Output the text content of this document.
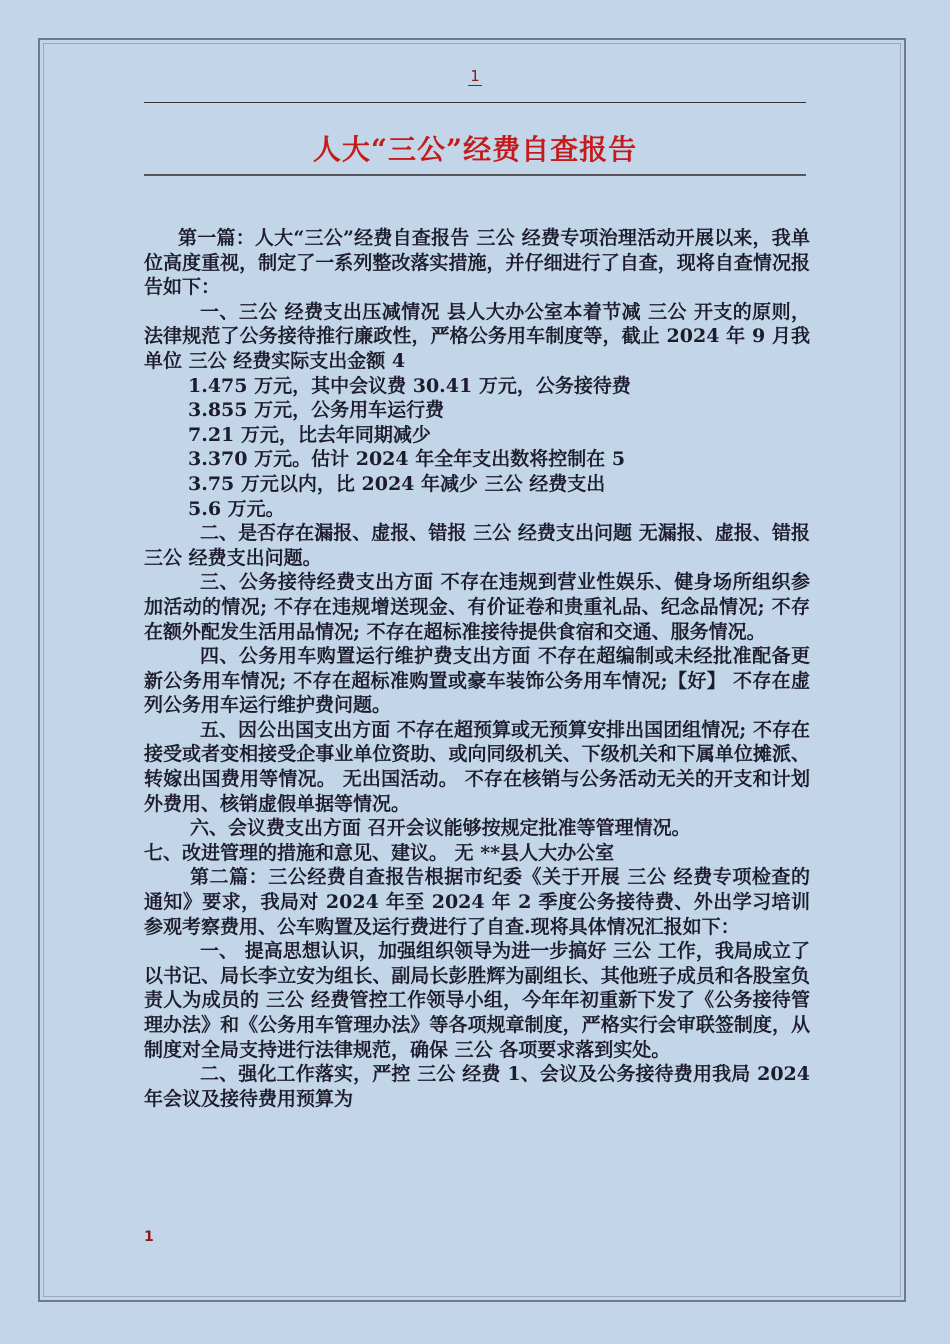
1
人大“三公”经费自查报告

第一篇：人大“三公”经费自查报告 三公 经费专项治理活动开展以来，我单位高度重视，制定了一系列整改落实措施，并仔细进行了自查，现将自查情况报告如下：

一、三公 经费支出压减情况 县人大办公室本着节减 三公 开支的原则，法律规范了公务接待推行廉政性，严格公务用车制度等，截止 2024 年 9 月我单位 三公 经费实际支出金额 4

1.475 万元，其中会议费 30.41 万元，公务接待费

3.855 万元，公务用车运行费

7.21 万元，比去年同期减少

3.370 万元。估计 2024 年全年支出数将控制在 5

3.75 万元以内，比 2024 年减少 三公 经费支出

5.6 万元。

二、是否存在漏报、虚报、错报 三公 经费支出问题 无漏报、虚报、错报 三公 经费支出问题。

三、公务接待经费支出方面 不存在违规到营业性娱乐、健身场所组织参加活动的情况; 不存在违规增送现金、有价证卷和贵重礼品、纪念品情况; 不存在额外配发生活用品情况; 不存在超标准接待提供食宿和交通、服务情况。

四、公务用车购置运行维护费支出方面 不存在超编制或未经批准配备更新公务用车情况; 不存在超标准购置或豪车装饰公务用车情况;【好】 不存在虚列公务用车运行维护费问题。

五、因公出国支出方面 不存在超预算或无预算安排出国团组情况; 不存在接受或者变相接受企事业单位资助、或向同级机关、下级机关和下属单位摊派、转嫁出国费用等情况。 无出国活动。 不存在核销与公务活动无关的开支和计划外费用、核销虚假单据等情况。

六、会议费支出方面 召开会议能够按规定批准等管理情况。

七、改进管理的措施和意见、建议。 无 **县人大办公室

第二篇：三公经费自查报告根据市纪委《关于开展 三公 经费专项检查的通知》要求，我局对 2024 年至 2024 年 2 季度公务接待费、外出学习培训参观考察费用、公车购置及运行费进行了自查.现将具体情况汇报如下：

一、 提高思想认识，加强组织领导为进一步搞好 三公 工作，我局成立了以书记、局长李立安为组长、副局长彭胜辉为副组长、其他班子成员和各股室负责人为成员的 三公 经费管控工作领导小组，今年年初重新下发了《公务接待管理办法》和《公务用车管理办法》等各项规章制度，严格实行会审联签制度，从制度对全局支持进行法律规范，确保 三公 各项要求落到实处。

二、强化工作落实，严控 三公 经费 1、会议及公务接待费用我局 2024 年会议及接待费用预算为

1
